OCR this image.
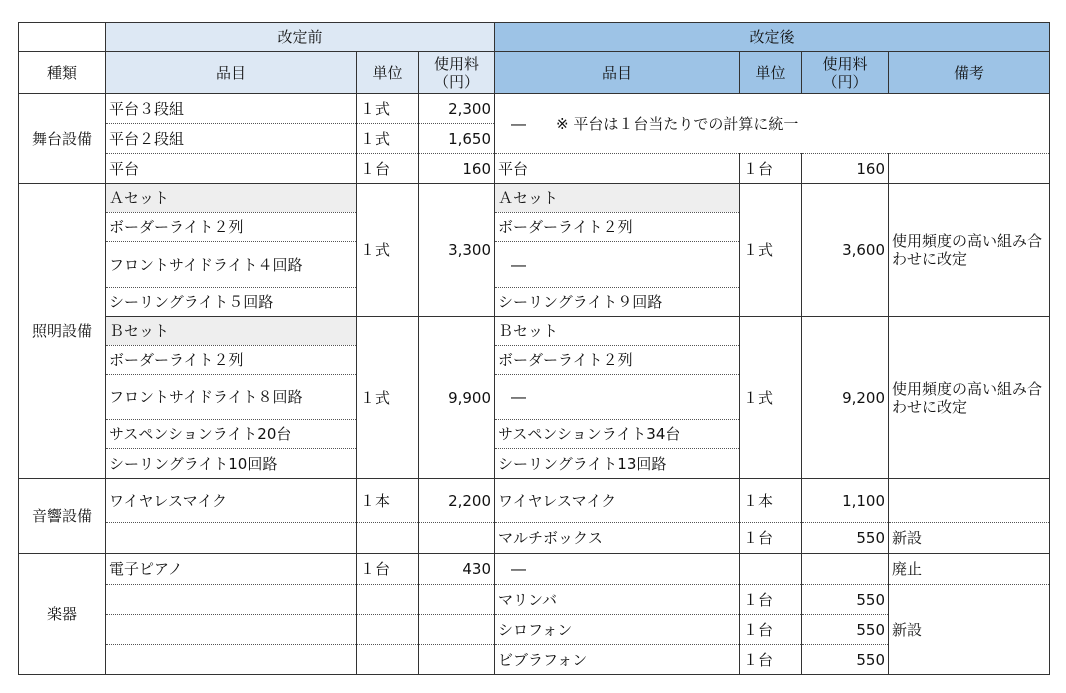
	改定前			改定後			
種類	品目	単位	使用料（円）	品目	単位	使用料（円）	備考
舞台設備	平台３段組	１式	2,300	―　　※ 平台は１台当たりでの計算に統一			
	平台２段組	１式	1,650				
	平台	１台	160	平台	１台	160	
照明設備	Ａセット	１式	3,300	Ａセット	１式	3,600	使用頻度の高い組み合わせに改定
	ボーダーライト２列			ボーダーライト２列			
	フロントサイドライト４回路			―			
	シーリングライト５回路			シーリングライト９回路			
	Ｂセット	１式	9,900	Ｂセット	１式	9,200	使用頻度の高い組み合わせに改定
	ボーダーライト２列			ボーダーライト２列			
	フロントサイドライト８回路			―			
	サスペンションライト20台			サスペンションライト34台			
	シーリングライト10回路			シーリングライト13回路			
音響設備	ワイヤレスマイク	１本	2,200	ワイヤレスマイク	１本	1,100	
				マルチボックス	１台	550	新設
楽器	電子ピアノ	１台	430	―			廃止
				マリンバ	１台	550	新設
				シロフォン	１台	550	
				ビブラフォン	１台	550	
